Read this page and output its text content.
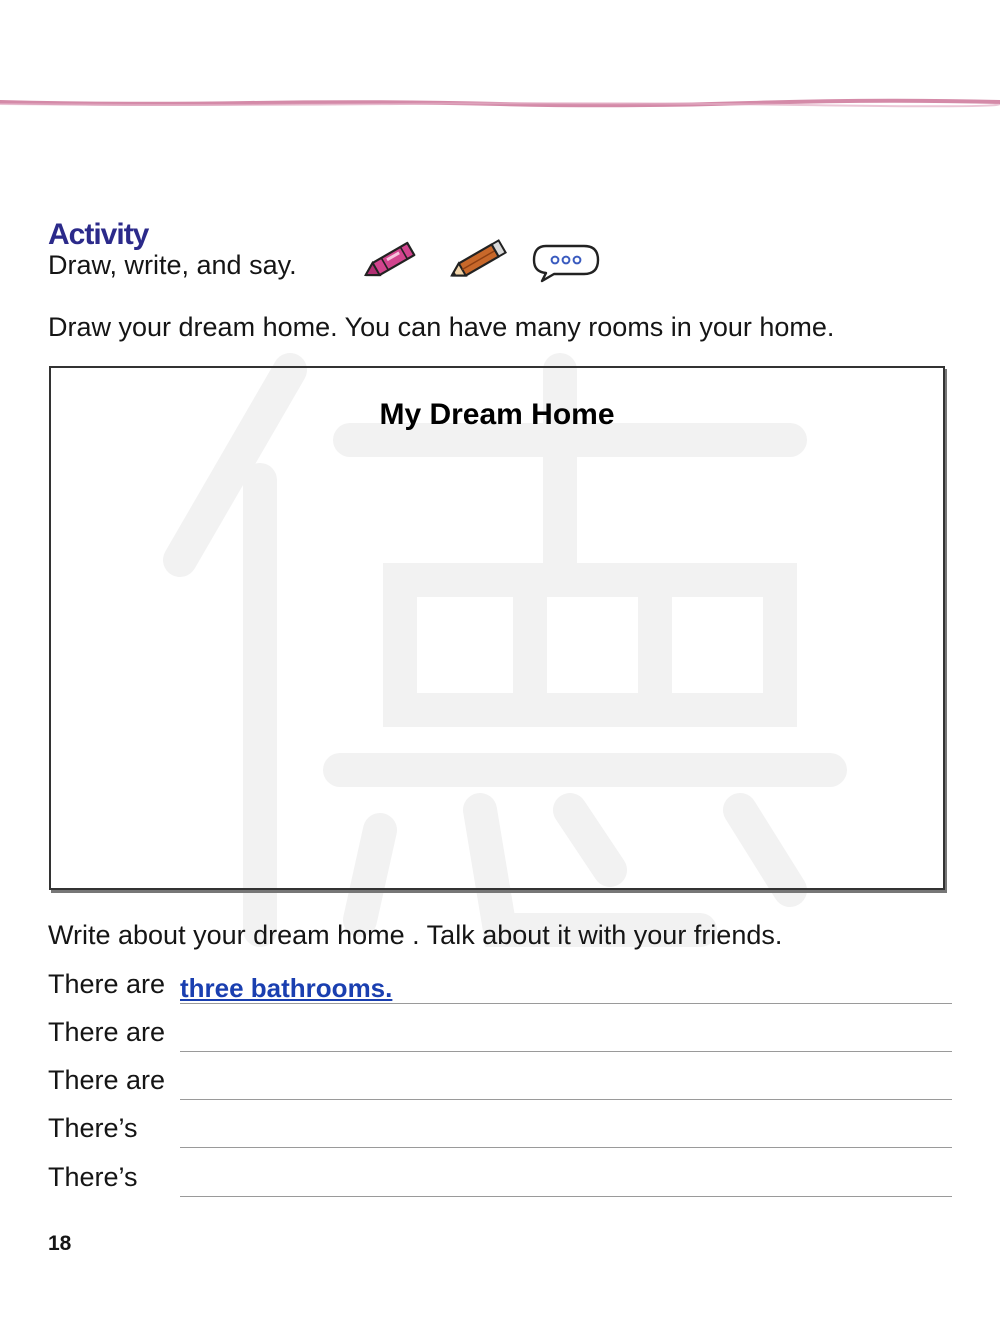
Activity

Draw, write, and say.

Draw your dream home. You can have many rooms in your home.

My Dream Home

Write about your dream home . Talk about it with your friends.

There are three bathrooms.
There are
There are
There’s
There’s

18
